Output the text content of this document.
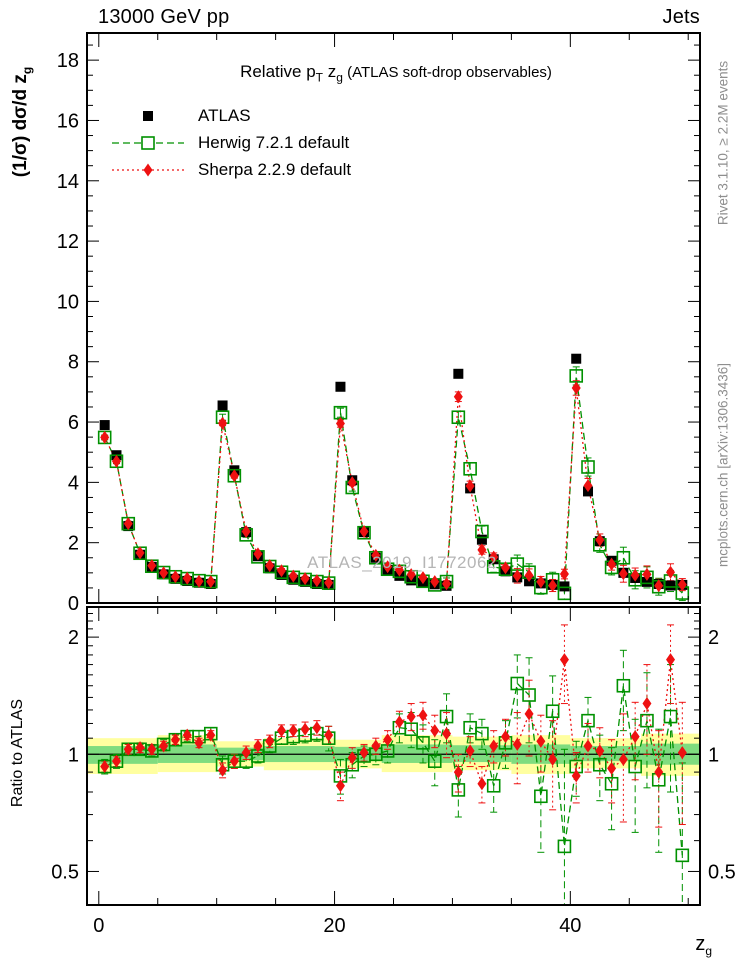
0
2
4
6
8
10
12
14
16
18
2	2
1	1
0.5	0.5
0	20	40
13000 GeV pp	Jets
Relative $p_T$ $z_g$ (ATLAS soft-drop observables)
ATLAS
Herwig 7.2.1 default
Sherpa 2.2.9 default
ATLAS_2019_I1772062
(1/σ) dσ/d $z_g$
Ratio to ATLAS
Rivet 3.1.10, ≥ 2.2M events
mcplots.cern.ch [arXiv:1306.3436]
$z_g$
